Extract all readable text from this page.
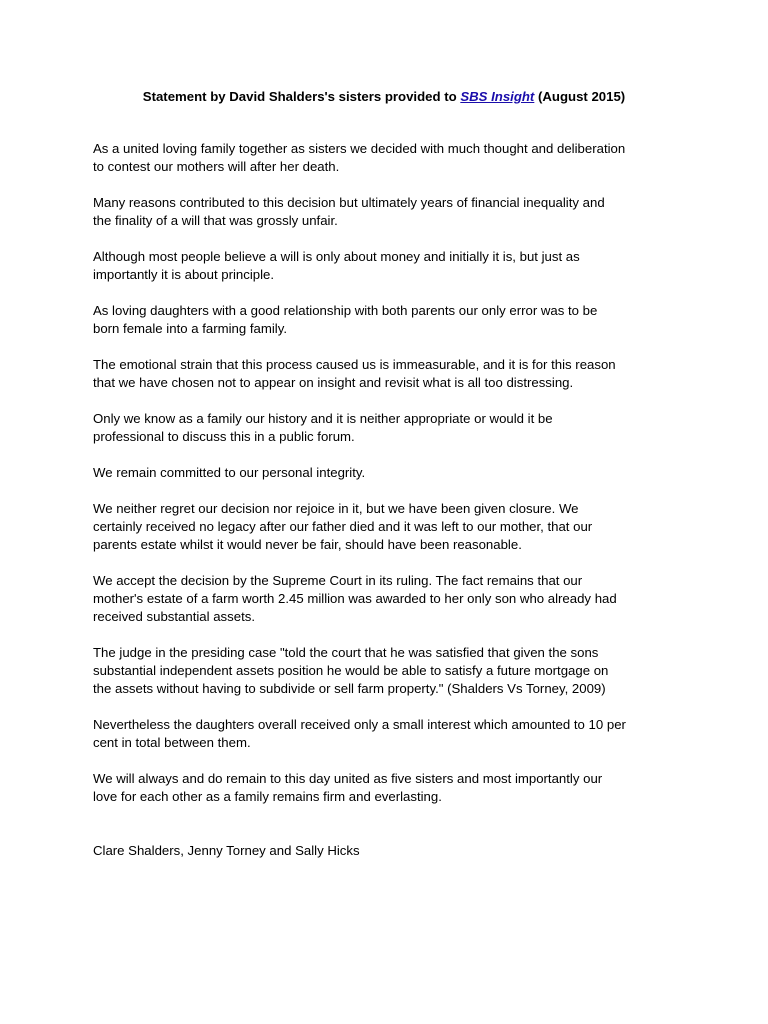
Statement by David Shalders's sisters provided to SBS Insight (August 2015)

As a united loving family together as sisters we decided with much thought and deliberation
to contest our mothers will after her death.

Many reasons contributed to this decision but ultimately years of financial inequality and
the finality of a will that was grossly unfair.

Although most people believe a will is only about money and initially it is, but just as
importantly it is about principle.

As loving daughters with a good relationship with both parents our only error was to be
born female into a farming family.

The emotional strain that this process caused us is immeasurable, and it is for this reason
that we have chosen not to appear on insight and revisit what is all too distressing.

Only we know as a family our history and it is neither appropriate or would it be
professional to discuss this in a public forum.

We remain committed to our personal integrity.

We neither regret our decision nor rejoice in it, but we have been given closure. We
certainly received no legacy after our father died and it was left to our mother, that our
parents estate whilst it would never be fair, should have been reasonable.

We accept the decision by the Supreme Court in its ruling. The fact remains that our
mother's estate of a farm worth 2.45 million was awarded to her only son who already had
received substantial assets.

The judge in the presiding case "told the court that he was satisfied that given the sons
substantial independent assets position he would be able to satisfy a future mortgage on
the assets without having to subdivide or sell farm property." (Shalders Vs Torney, 2009)

Nevertheless the daughters overall received only a small interest which amounted to 10 per
cent in total between them.

We will always and do remain to this day united as five sisters and most importantly our
love for each other as a family remains firm and everlasting.

Clare Shalders, Jenny Torney and Sally Hicks
